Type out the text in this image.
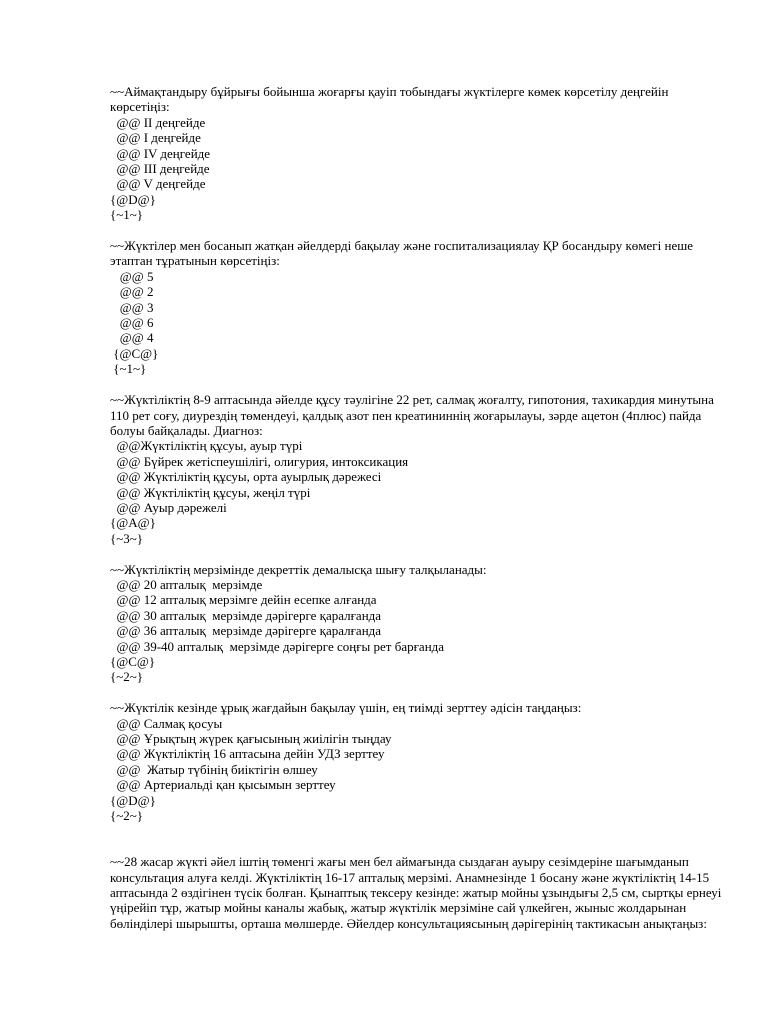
~~Аймақтандыру бұйрығы бойынша жоғарғы қауіп тобындағы жүктілерге көмек көрсетілу деңгейін көрсетіңіз:
@@ II деңгейде
@@ I деңгейде
@@ IV деңгейде
@@ III деңгейде
@@ V деңгейде
{@D@}
{~1~}
~~Жүктілер мен босанып жатқан әйелдерді бақылау және госпитализациялау ҚР босандыру көмегі неше этаптан тұратынын көрсетіңіз:
@@ 5
@@ 2
@@ 3
@@ 6
@@ 4
{@C@}
{~1~}
~~Жүктіліктің 8-9 аптасында әйелде құсу тәулігіне 22 рет, салмақ жоғалту, гипотония, тахикардия минутына 110 рет соғу, диурездің төмендеуі, қалдық азот пен креатининнің жоғарылауы, зәрде ацетон (4плюс) пайда болуы байқалады. Диагноз:
@@Жүктіліктің құсуы, ауыр түрі
@@ Бүйрек жетіспеушілігі, олигурия, интоксикация
@@ Жүктіліктің құсуы, орта ауырлық дәрежесі
@@ Жүктіліктің құсуы, жеңіл түрі
@@ Ауыр дәрежелі
{@A@}
{~3~}
~~Жүктіліктің мерзімінде декреттік демалысқа шығу талқыланады:
@@ 20 апталық  мерзімде
@@ 12 апталық мерзімге дейін есепке алғанда
@@ 30 апталық  мерзімде дәрігерге қаралғанда
@@ 36 апталық  мерзімде дәрігерге қаралғанда
@@ 39-40 апталық  мерзімде дәрігерге соңғы рет барғанда
{@C@}
{~2~}
~~Жүктілік кезінде ұрық жағдайын бақылау үшін, ең тиімді зерттеу әдісін таңдаңыз:
@@ Салмақ қосуы
@@ Ұрықтың жүрек қағысының жиілігін тыңдау
@@ Жүктіліктің 16 аптасына дейін УДЗ зерттеу
@@  Жатыр түбінің биіктігін өлшеу
@@ Артериальді қан қысымын зерттеу
{@D@}
{~2~}
~~28 жасар жүкті әйел іштің төменгі жағы мен бел аймағында сыздаған ауыру сезімдеріне шағымданып консультация алуға келді. Жүктіліктің 16-17 апталық мерзімі. Анамнезінде 1 босану және жүктіліктің 14-15 аптасында 2 өздігінен түсік болған. Қынаптық тексеру кезінде: жатыр мойны ұзындығы 2,5 см, сыртқы ернеуі үңірейіп тұр, жатыр мойны каналы жабық, жатыр жүктілік мерзіміне сай үлкейген, жыныс жолдарынан бөлінділері шырышты, орташа мөлшерде. Әйелдер консультациясының дәрігерінің тактикасын анықтаңыз:
